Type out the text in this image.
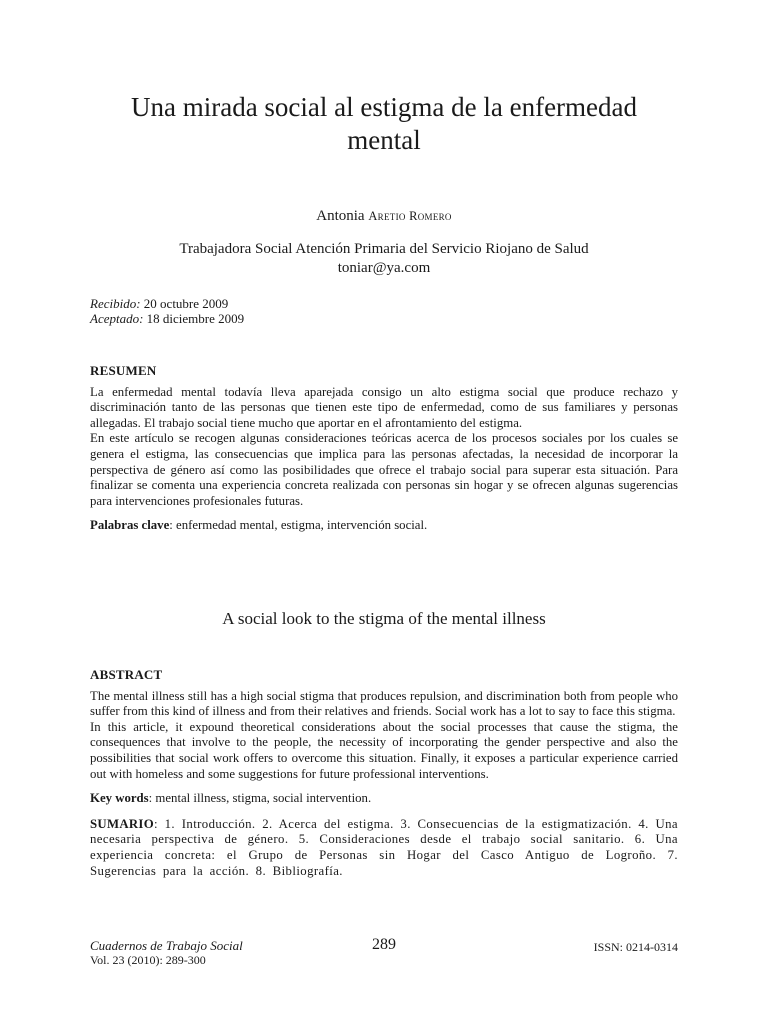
Una mirada social al estigma de la enfermedad
mental
Antonia Aretio Romero
Trabajadora Social Atención Primaria del Servicio Riojano de Salud
toniar@ya.com
Recibido: 20 octubre 2009
Aceptado: 18 diciembre 2009
RESUMEN
La enfermedad mental todavía lleva aparejada consigo un alto estigma social que produce rechazo y discriminación tanto de las personas que tienen este tipo de enfermedad, como de sus familiares y personas allegadas. El trabajo social tiene mucho que aportar en el afrontamiento del estigma.
En este artículo se recogen algunas consideraciones teóricas acerca de los procesos sociales por los cuales se genera el estigma, las consecuencias que implica para las personas afectadas, la necesidad de incorporar la perspectiva de género así como las posibilidades que ofrece el trabajo social para superar esta situación. Para finalizar se comenta una experiencia concreta realizada con personas sin hogar y se ofrecen algunas sugerencias para intervenciones profesionales futuras.
Palabras clave: enfermedad mental, estigma, intervención social.
A social look to the stigma of the mental illness
ABSTRACT
The mental illness still has a high social stigma that produces repulsion, and discrimination both from people who suffer from this kind of illness and from their relatives and friends. Social work has a lot to say to face this stigma.
In this article, it expound theoretical considerations about the social processes that cause the stigma, the consequences that involve to the people, the necessity of incorporating the gender perspective and also the possibilities that social work offers to overcome this situation. Finally, it exposes a particular experience carried out with homeless and some suggestions for future professional interventions.
Key words: mental illness, stigma, social intervention.
SUMARIO: 1. Introducción. 2. Acerca del estigma. 3. Consecuencias de la estigmatización. 4. Una necesaria perspectiva de género. 5. Consideraciones desde el trabajo social sanitario. 6. Una experiencia concreta: el Grupo de Personas sin Hogar del Casco Antiguo de Logroño. 7. Sugerencias para la acción. 8. Bibliografía.
Cuadernos de Trabajo Social
Vol. 23 (2010): 289-300
289	ISSN: 0214-0314
